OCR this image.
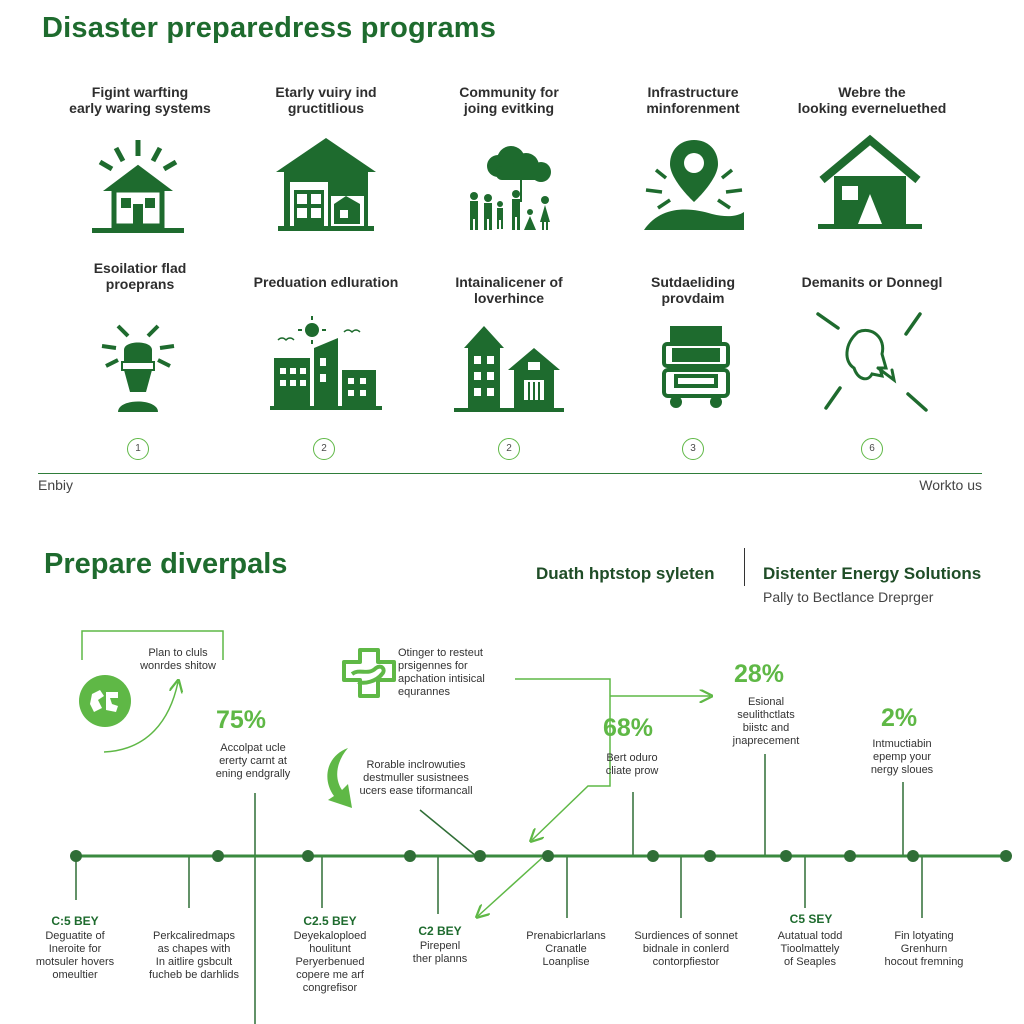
Disaster preparedress programs
Figint warfting
early waring systems
Etarly vuiry ind
gructitlious
Community for
joing evitking
Infrastructure
minforenment
Webre the
looking everneluethed
Esoilatior flad
proeprans	Preduation edluration	Intainalicener of
loverhince
Sutdaeliding
provdaim
Demanits or Donnegl
1	2	2	3	6
Enbiy	Workto us
Prepare diverpals	Duath hptstop syleten	Distenter Energy Solutions
Pally to Bectlance Dreprger
Plan to cluls
wonrdes shitow
Otinger to resteut
prsigennes for
apchation intisical
equrannes
Rorable inclrowuties
destmuller susistnees
ucers ease tiformancall
75%
Accolpat ucle
ererty carnt at
ening endgrally
68%
Bert oduro
cliate prow
28%
Esional
seulithctlats
biistc and
jnaprecement
2%
Intmuctiabin
epemp your
nergy sloues
C:5 BEY
Deguatite of
Ineroite for
motsuler hovers
omeultier
Perkcaliredmaps
as chapes with
In aitlire gsbcult
fucheb be darhlids
C2.5 BEY
Deyekaloploed
houlitunt
Peryerbenued
copere me arf
congrefisor
C2 BEY
Pirepenl
ther planns
Prenabicrlarlans
Cranatle
Loanplise
Surdiences of sonnet
bidnale in conlerd
contorpfiestor
C5 SEY
Autatual todd
Tioolmattely
of Seaples
Fin lotyating
Grenhurn
hocout fremning
